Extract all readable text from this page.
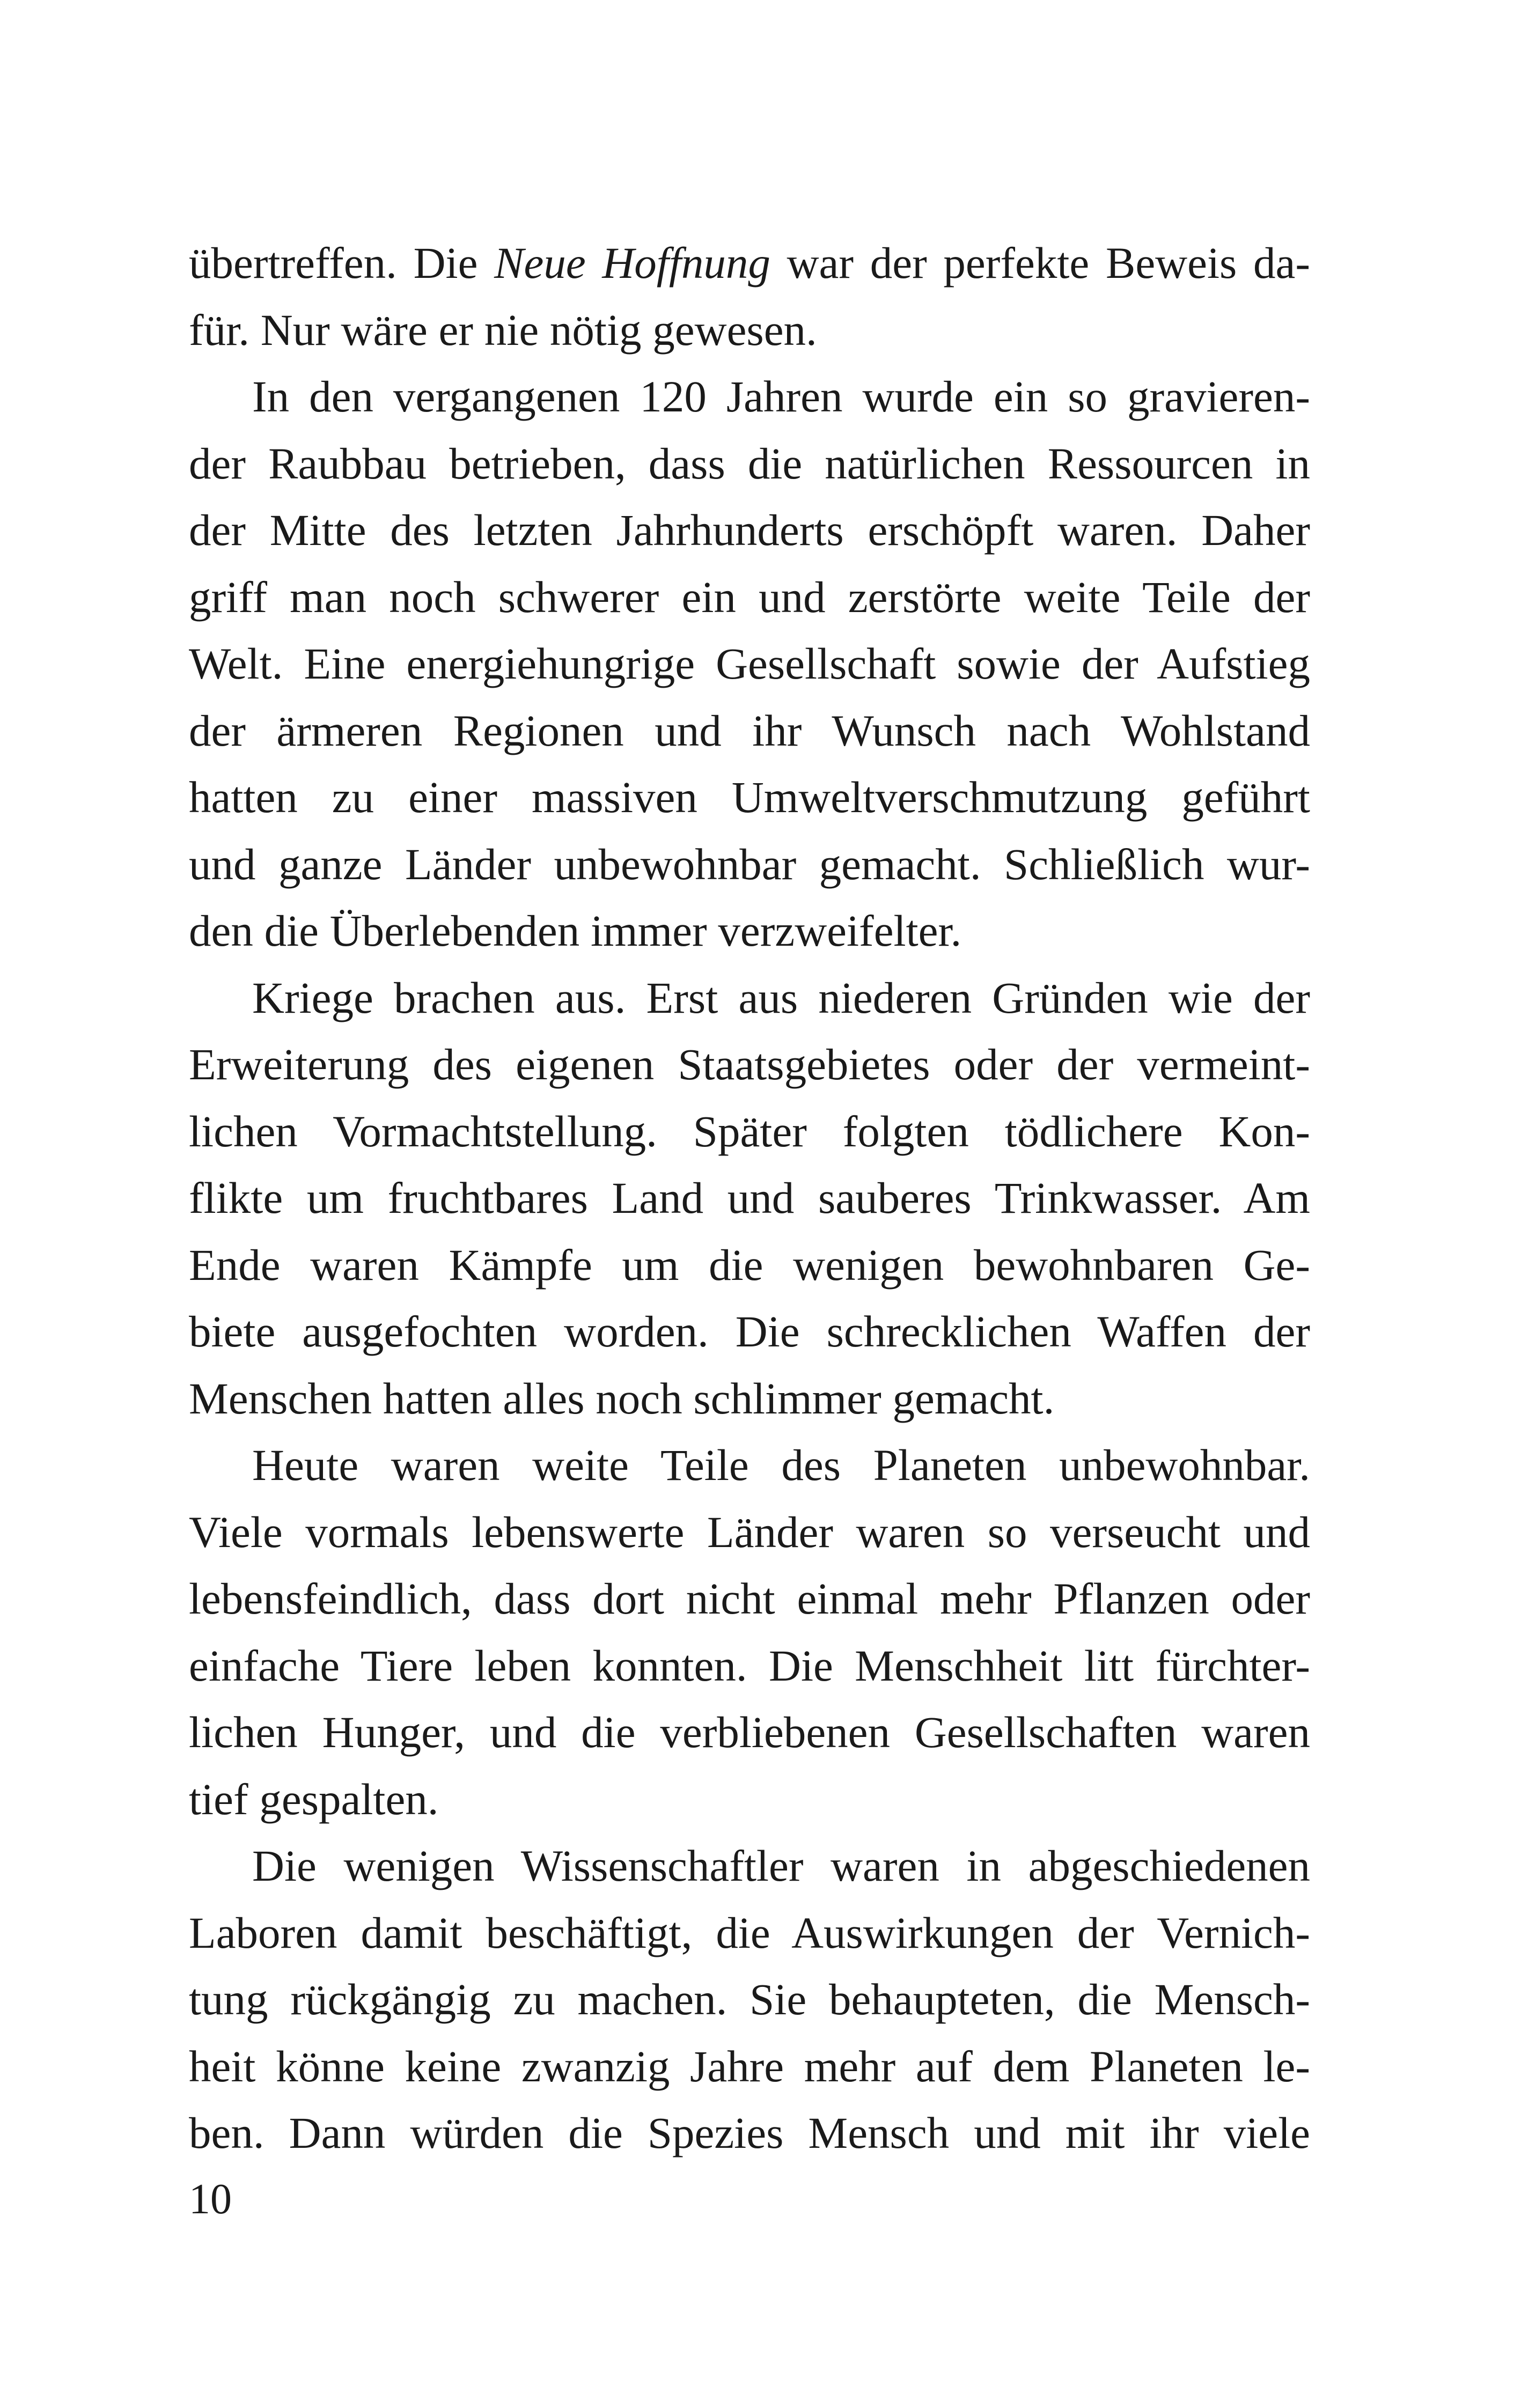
übertreffen. Die Neue Hoffnung war der perfekte Beweis da-
für. Nur wäre er nie nötig gewesen.
In den vergangenen 120 Jahren wurde ein so gravieren-
der Raubbau betrieben, dass die natürlichen Ressourcen in
der Mitte des letzten Jahrhunderts erschöpft waren. Daher
griff man noch schwerer ein und zerstörte weite Teile der
Welt. Eine energiehungrige Gesellschaft sowie der Aufstieg
der ärmeren Regionen und ihr Wunsch nach Wohlstand
hatten zu einer massiven Umweltverschmutzung geführt
und ganze Länder unbewohnbar gemacht. Schließlich wur-
den die Überlebenden immer verzweifelter.
Kriege brachen aus. Erst aus niederen Gründen wie der
Erweiterung des eigenen Staatsgebietes oder der vermeint-
lichen Vormachtstellung. Später folgten tödlichere Kon-
flikte um fruchtbares Land und sauberes Trinkwasser. Am
Ende waren Kämpfe um die wenigen bewohnbaren Ge-
biete ausgefochten worden. Die schrecklichen Waffen der
Menschen hatten alles noch schlimmer gemacht.
Heute waren weite Teile des Planeten unbewohnbar.
Viele vormals lebenswerte Länder waren so verseucht und
lebensfeindlich, dass dort nicht einmal mehr Pflanzen oder
einfache Tiere leben konnten. Die Menschheit litt fürchter-
lichen Hunger, und die verbliebenen Gesellschaften waren
tief gespalten.
Die wenigen Wissenschaftler waren in abgeschiedenen
Laboren damit beschäftigt, die Auswirkungen der Vernich-
tung rückgängig zu machen. Sie behaupteten, die Mensch-
heit könne keine zwanzig Jahre mehr auf dem Planeten le-
ben. Dann würden die Spezies Mensch und mit ihr viele
10
